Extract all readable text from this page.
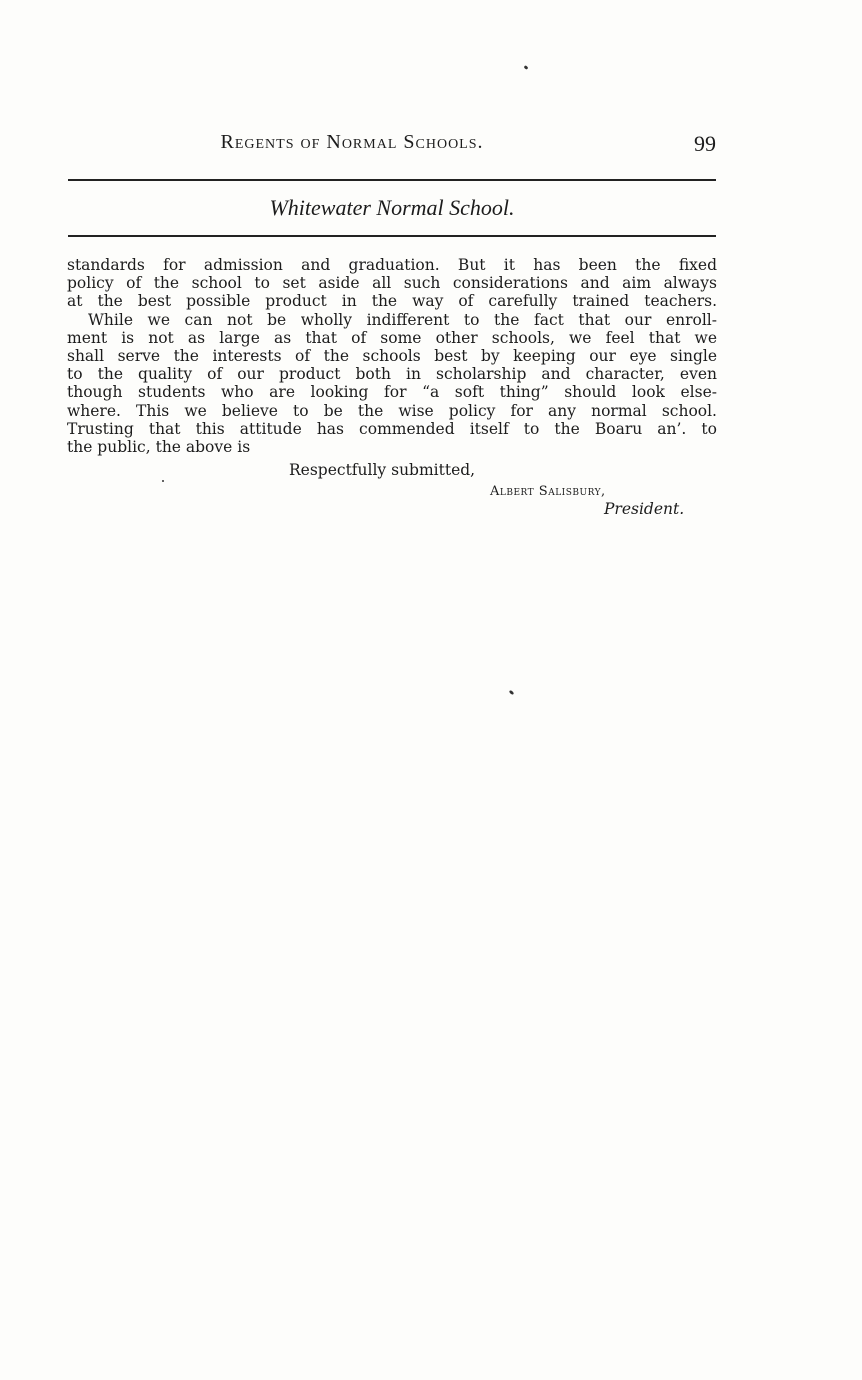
Regents of Normal Schools.	99
Whitewater Normal School.
standards for admission and graduation. But it has been the fixed
policy of the school to set aside all such considerations and aim always
at the best possible product in the way of carefully trained teachers.
While we can not be wholly indifferent to the fact that our enroll-
ment is not as large as that of some other schools, we feel that we
shall serve the interests of the schools best by keeping our eye single
to the quality of our product both in scholarship and character, even
though students who are looking for “a soft thing” should look else-
where. This we believe to be the wise policy for any normal school.
Trusting that this attitude has commended itself to the Boaru an’. to
the public, the above is
Respectfully submitted,
Albert Salisbury,
President.
